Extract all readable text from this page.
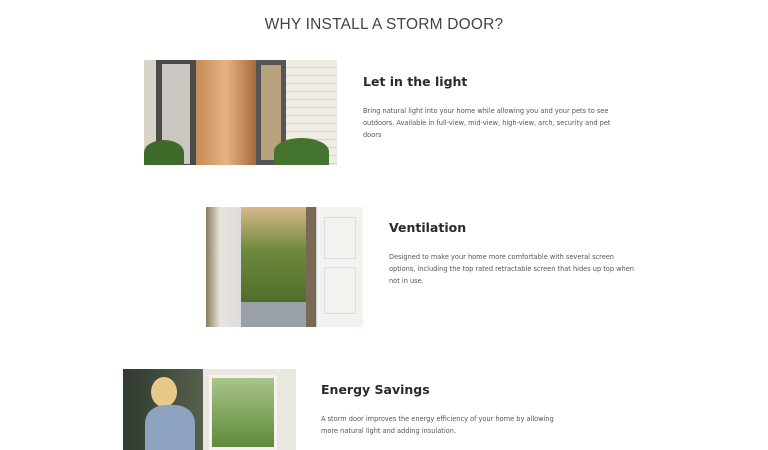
WHY INSTALL A STORM DOOR?
Let in the light

Bring natural light into your home while allowing you and your pets to see outdoors. Available in full-view, mid-view, high-view, arch, security and pet doors

Ventilation

Designed to make your home more comfortable with several screen options, including the top rated retractable screen that hides up top when not in use.

Energy Savings

A storm door improves the energy efficiency of your home by allowing more natural light and adding insulation.
